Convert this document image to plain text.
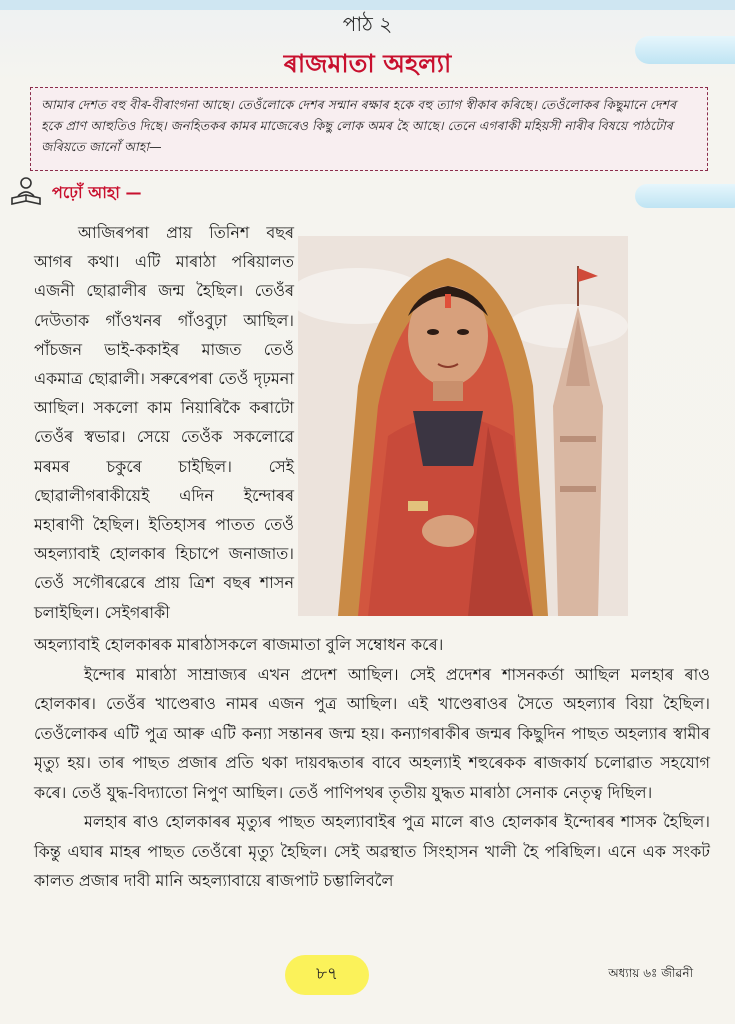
পাঠ ২
ৰাজমাতা অহল্যা
আমাৰ দেশত বহু বীৰ-বীৰাংগনা আছে। তেওঁলোকে দেশৰ সন্মান ৰক্ষাৰ হকে বহু ত্যাগ স্বীকাৰ কৰিছে। তেওঁলোকৰ কিছুমানে দেশৰ হকে প্ৰাণ আহুতিও দিছে। জনহিতকৰ কামৰ মাজেৰেও কিছু লোক অমৰ হৈ আছে। তেনে এগৰাকী মহিয়সী নাৰীৰ বিষয়ে পাঠটোৰ জৰিয়তে জানোঁ আহা—
পঢ়োঁ আহা —
আজিৰপৰা প্ৰায় তিনিশ বছৰ আগৰ কথা। এটি মাৰাঠা পৰিয়ালত এজনী ছোৱালীৰ জন্ম হৈছিল। তেওঁৰ দেউতাক গাঁওখনৰ গাঁওবুঢ়া আছিল। পাঁচজন ভাই-ককাইৰ মাজত তেওঁ একমাত্ৰ ছোৱালী। সৰুৰেপৰা তেওঁ দৃঢ়মনা আছিল। সকলো কাম নিয়াৰিকৈ কৰাটো তেওঁৰ স্বভাৱ। সেয়ে তেওঁক সকলোৱে মৰমৰ চকুৰে চাইছিল। সেই ছোৱালীগৰাকীয়েই এদিন ইন্দোৰৰ মহাৰাণী হৈছিল। ইতিহাসৰ পাতত তেওঁ অহল্যাবাই হোলকাৰ হিচাপে জনাজাত। তেওঁ সগৌৰৱেৰে প্ৰায় ত্ৰিশ বছৰ শাসন চলাইছিল। সেইগৰাকী

অহল্যাবাই হোলকাৰক মাৰাঠাসকলে ৰাজমাতা বুলি সম্বোধন কৰে।

ইন্দোৰ মাৰাঠা সাম্ৰাজ্যৰ এখন প্ৰদেশ আছিল। সেই প্ৰদেশৰ শাসনকৰ্তা আছিল মলহাৰ ৰাও হোলকাৰ। তেওঁৰ খাণ্ডেৰাও নামৰ এজন পুত্ৰ আছিল। এই খাণ্ডেৰাওৰ সৈতে অহল্যাৰ বিয়া হৈছিল। তেওঁলোকৰ এটি পুত্ৰ আৰু এটি কন্যা সন্তানৰ জন্ম হয়। কন্যাগৰাকীৰ জন্মৰ কিছুদিন পাছত অহল্যাৰ স্বামীৰ মৃত্যু হয়। তাৰ পাছত প্ৰজাৰ প্ৰতি থকা দায়বদ্ধতাৰ বাবে অহল্যাই শহুৰেকক ৰাজকাৰ্য চলোৱাত সহযোগ কৰে। তেওঁ যুদ্ধ-বিদ্যাতো নিপুণ আছিল। তেওঁ পাণিপথৰ তৃতীয় যুদ্ধত মাৰাঠা সেনাক নেতৃত্ব দিছিল।

মলহাৰ ৰাও হোলকাৰৰ মৃত্যুৰ পাছত অহল্যাবাইৰ পুত্ৰ মালে ৰাও হোলকাৰ ইন্দোৰৰ শাসক হৈছিল। কিন্তু এঘাৰ মাহৰ পাছত তেওঁৰো মৃত্যু হৈছিল। সেই অৱস্থাত সিংহাসন খালী হৈ পৰিছিল। এনে এক সংকট কালত প্ৰজাৰ দাবী মানি অহল্যাবায়ে ৰাজপাট চম্ভালিবলৈ

৮৭	অধ্যায় ৬ঃ জীৱনী
